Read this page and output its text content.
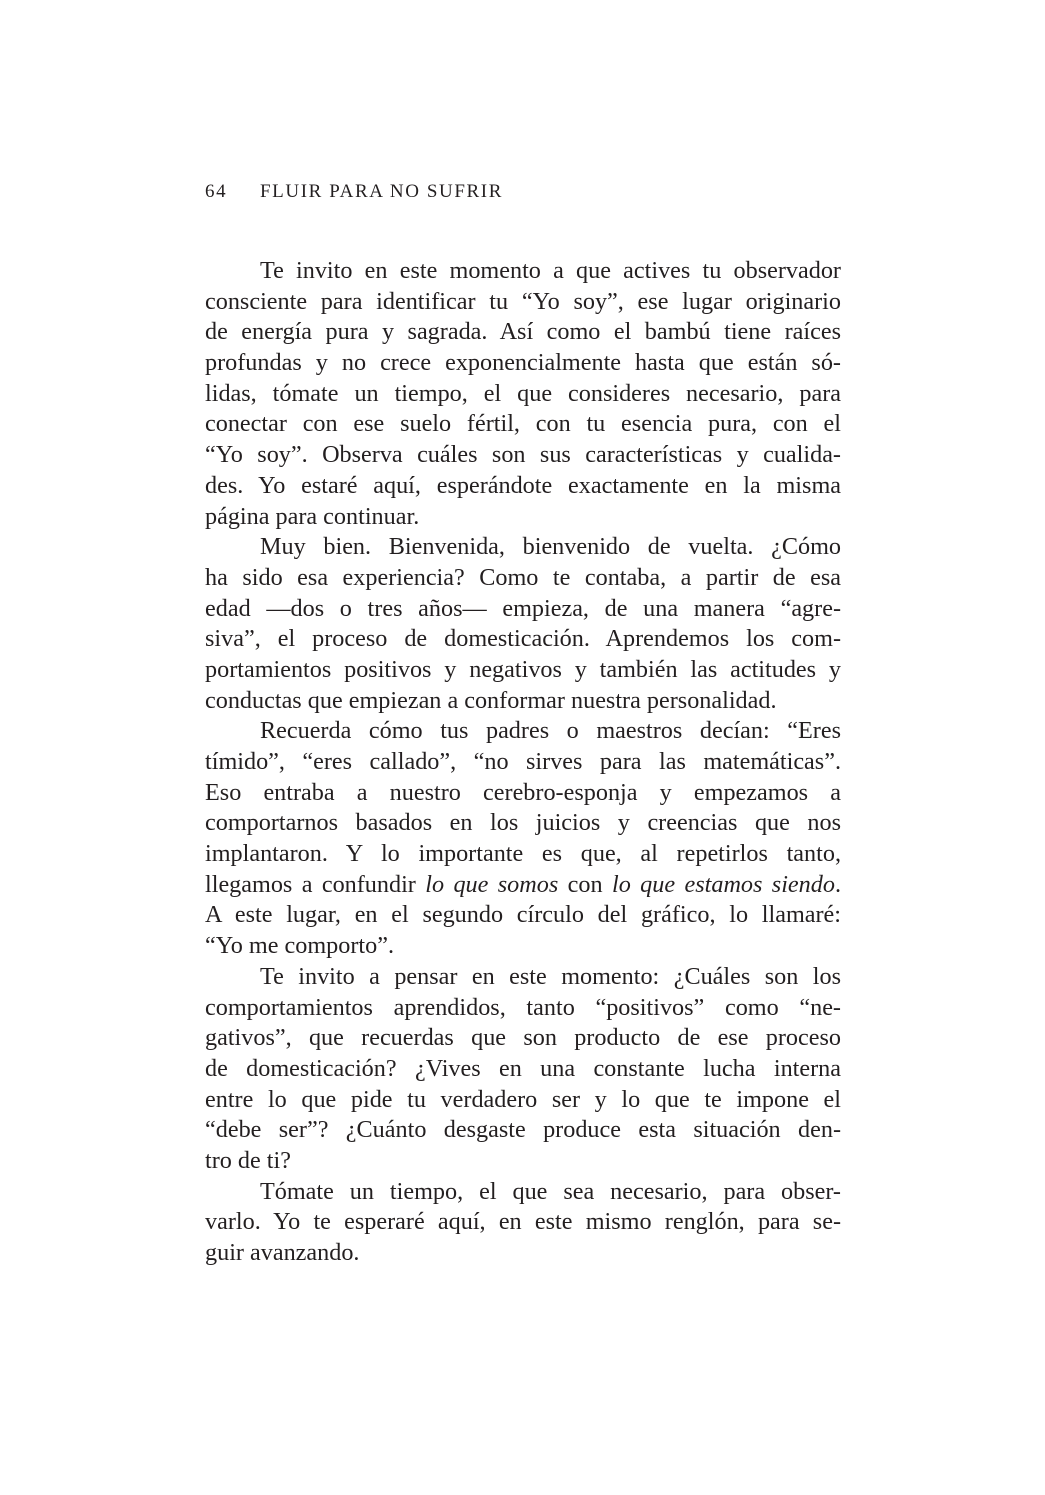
64 FLUIR PARA NO SUFRIR
Te invito en este momento a que actives tu observador
consciente para identificar tu “Yo soy”, ese lugar originario
de energía pura y sagrada. Así como el bambú tiene raíces
profundas y no crece exponencialmente hasta que están só-
lidas, tómate un tiempo, el que consideres necesario, para
conectar con ese suelo fértil, con tu esencia pura, con el
“Yo soy”. Observa cuáles son sus características y cualida-
des. Yo estaré aquí, esperándote exactamente en la misma
página para continuar.
Muy bien. Bienvenida, bienvenido de vuelta. ¿Cómo
ha sido esa experiencia? Como te contaba, a partir de esa
edad —dos o tres años— empieza, de una manera “agre-
siva”, el proceso de domesticación. Aprendemos los com-
portamientos positivos y negativos y también las actitudes y
conductas que empiezan a conformar nuestra personalidad.
Recuerda cómo tus padres o maestros decían: “Eres
tímido”, “eres callado”, “no sirves para las matemáticas”.
Eso entraba a nuestro cerebro-esponja y empezamos a
comportarnos basados en los juicios y creencias que nos
implantaron. Y lo importante es que, al repetirlos tanto,
llegamos a confundir lo que somos con lo que estamos siendo.
A este lugar, en el segundo círculo del gráfico, lo llamaré:
“Yo me comporto”.
Te invito a pensar en este momento: ¿Cuáles son los
comportamientos aprendidos, tanto “positivos” como “ne-
gativos”, que recuerdas que son producto de ese proceso
de domesticación? ¿Vives en una constante lucha interna
entre lo que pide tu verdadero ser y lo que te impone el
“debe ser”? ¿Cuánto desgaste produce esta situación den-
tro de ti?
Tómate un tiempo, el que sea necesario, para obser-
varlo. Yo te esperaré aquí, en este mismo renglón, para se-
guir avanzando.
